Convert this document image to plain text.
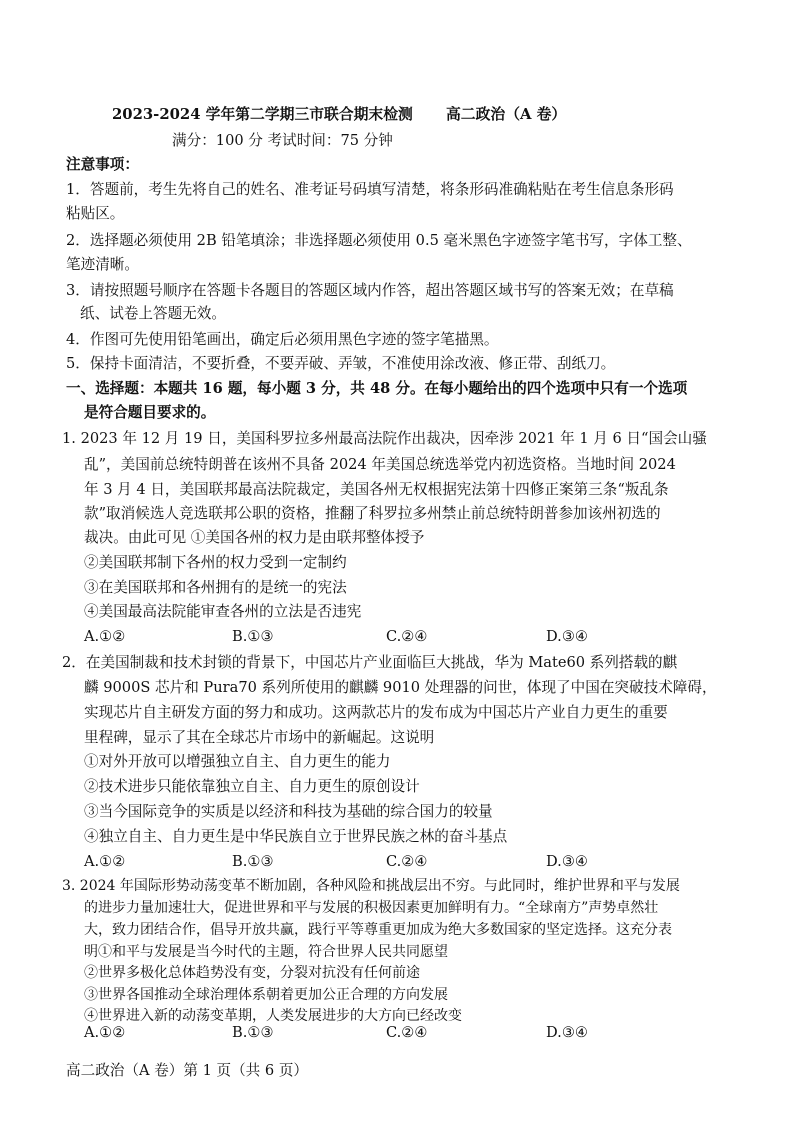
2023-2024 学年第二学期三市联合期末检测 高二政治（A 卷）
满分：100 分 考试时间：75 分钟
注意事项：
1．答题前，考生先将自己的姓名、准考证号码填写清楚，将条形码准确粘贴在考生信息条形码
粘贴区。
2．选择题必须使用 2B 铅笔填涂；非选择题必须使用 0.5 毫米黑色字迹签字笔书写，字体工整、
笔迹清晰。
3．请按照题号顺序在答题卡各题目的答题区域内作答，超出答题区域书写的答案无效；在草稿
纸、试卷上答题无效。
4．作图可先使用铅笔画出，确定后必须用黑色字迹的签字笔描黑。
5．保持卡面清洁，不要折叠，不要弄破、弄皱，不准使用涂改液、修正带、刮纸刀。
一、选择题：本题共 16 题，每小题 3 分，共 48 分。在每小题给出的四个选项中只有一个选项
是符合题目要求的。
1. 2023 年 12 月 19 日，美国科罗拉多州最高法院作出裁决，因牵涉 2021 年 1 月 6 日“国会山骚
乱”，美国前总统特朗普在该州不具备 2024 年美国总统选举党内初选资格。当地时间 2024
年 3 月 4 日，美国联邦最高法院裁定，美国各州无权根据宪法第十四修正案第三条“叛乱条
款”取消候选人竞选联邦公职的资格，推翻了科罗拉多州禁止前总统特朗普参加该州初选的
裁决。由此可见 ①美国各州的权力是由联邦整体授予
②美国联邦制下各州的权力受到一定制约
③在美国联邦和各州拥有的是统一的宪法
④美国最高法院能审查各州的立法是否违宪
A.①②	B.①③	C.②④	D.③④
2．在美国制裁和技术封锁的背景下，中国芯片产业面临巨大挑战，华为 Mate60 系列搭载的麒
麟 9000S 芯片和 Pura70 系列所使用的麒麟 9010 处理器的问世，体现了中国在突破技术障碍，
实现芯片自主研发方面的努力和成功。这两款芯片的发布成为中国芯片产业自力更生的重要
里程碑，显示了其在全球芯片市场中的新崛起。这说明
①对外开放可以增强独立自主、自力更生的能力
②技术进步只能依靠独立自主、自力更生的原创设计
③当今国际竞争的实质是以经济和科技为基础的综合国力的较量
④独立自主、自力更生是中华民族自立于世界民族之林的奋斗基点
A.①②	B.①③	C.②④	D.③④
3. 2024 年国际形势动荡变革不断加剧，各种风险和挑战层出不穷。与此同时，维护世界和平与发展
的进步力量加速壮大，促进世界和平与发展的积极因素更加鲜明有力。“全球南方”声势卓然壮
大，致力团结合作，倡导开放共赢，践行平等尊重更加成为绝大多数国家的坚定选择。这充分表
明①和平与发展是当今时代的主题，符合世界人民共同愿望
②世界多极化总体趋势没有变，分裂对抗没有任何前途
③世界各国推动全球治理体系朝着更加公正合理的方向发展
④世界进入新的动荡变革期，人类发展进步的大方向已经改变
A.①②	B.①③	C.②④	D.③④
高二政治（A 卷）第 1 页（共 6 页）
